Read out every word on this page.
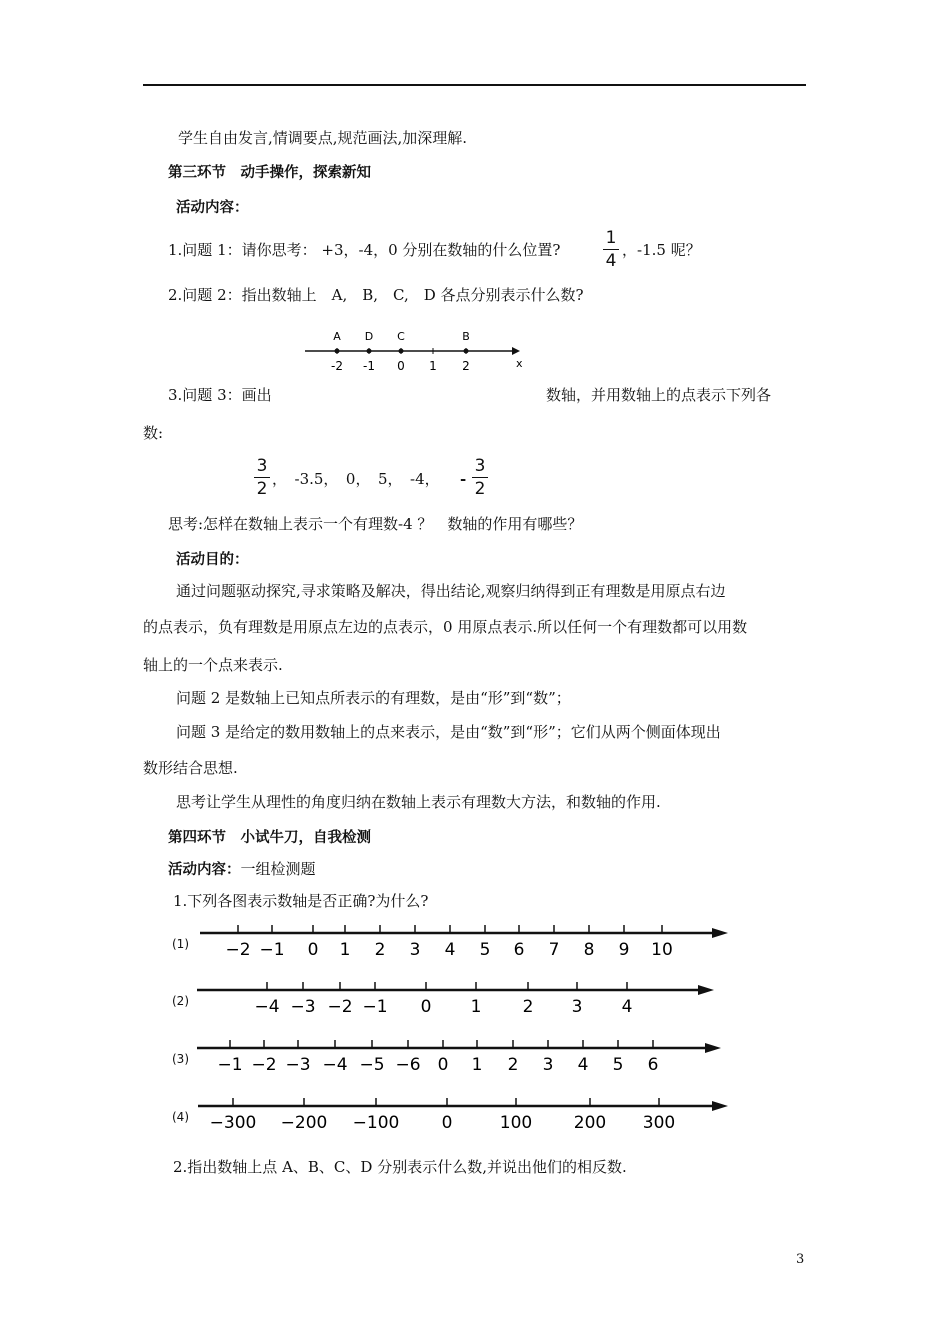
学生自由发言,情调要点,规范画法,加深理解.
第三环节　动手操作，探索新知
活动内容：
1.问题 1：请你思考： +3，-4，0 分别在数轴的什么位置?
1
4
，-1.5 呢？
2.问题 2：指出数轴上　A,　B,　C,　D 各点分别表示什么数?
-2 -1 0 1 2
A D C	B
x
3.问题 3：画出	数轴，并用数轴上的点表示下列各
数:
3
2 ，　-3.5，　0，　5，　-4， -
3
2
思考:怎样在数轴上表示一个有理数-4 ？　数轴的作用有哪些？
活动目的：
通过问题驱动探究,寻求策略及解决，得出结论,观察归纳得到正有理数是用原点右边
的点表示，负有理数是用原点左边的点表示，0 用原点表示.所以任何一个有理数都可以用数
轴上的一个点来表示.
问题 2 是数轴上已知点所表示的有理数，是由“形”到“数”；
问题 3 是给定的数用数轴上的点来表示，是由“数”到“形”；它们从两个侧面体现出
数形结合思想.
思考让学生从理性的角度归纳在数轴上表示有理数大方法，和数轴的作用.
第四环节　小试牛刀，自我检测
活动内容：一组检测题
1.下列各图表示数轴是否正确?为什么?
(1) −2 −1 0 1 2 3 4 5 6 7 8 9 10
(2)	−4 −3 −2 −1 0 1 2 3 4
(3) −1 −2 −3 −4 −5 −6 0 1 2 3 4 5 6
(4) −300 −200 −100 0	100 200 300
2.指出数轴上点 A、B、C、D 分别表示什么数,并说出他们的相反数.
3
